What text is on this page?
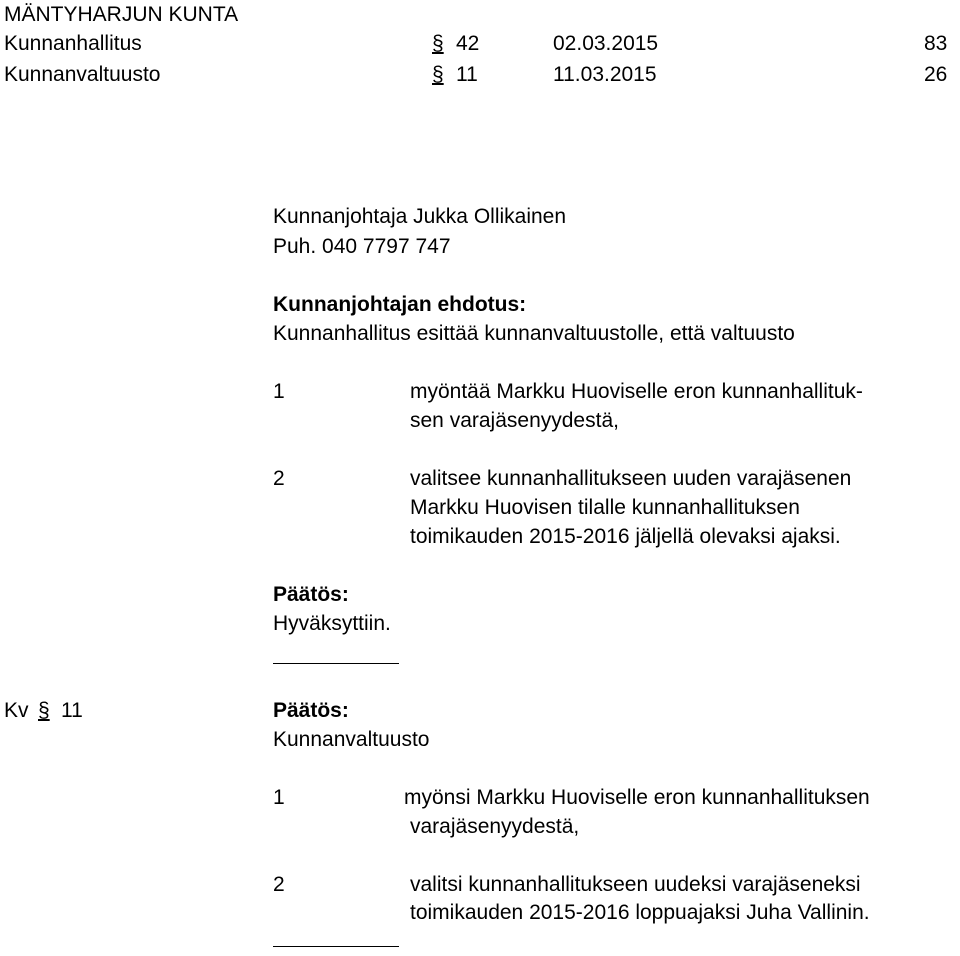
MÄNTYHARJUN KUNTA
Kunnanhallitus	§ 42	02.03.2015	83
Kunnanvaltuusto	§ 11	11.03.2015	26
Kunnanjohtaja Jukka Ollikainen
Puh. 040 7797 747
Kunnanjohtajan ehdotus:
Kunnanhallitus esittää kunnanvaltuustolle, että valtuusto
1	myöntää Markku Huoviselle eron kunnanhallituk-
sen varajäsenyydestä,
2	valitsee kunnanhallitukseen uuden varajäsenen
Markku Huovisen tilalle kunnanhallituksen
toimikauden 2015-2016 jäljellä olevaksi ajaksi.
Päätös:
Hyväksyttiin.
Kv § 11	Päätös:
Kunnanvaltuusto
1	myönsi Markku Huoviselle eron kunnanhallituksen
varajäsenyydestä,
2	valitsi kunnanhallitukseen uudeksi varajäseneksi
toimikauden 2015-2016 loppuajaksi Juha Vallinin.
